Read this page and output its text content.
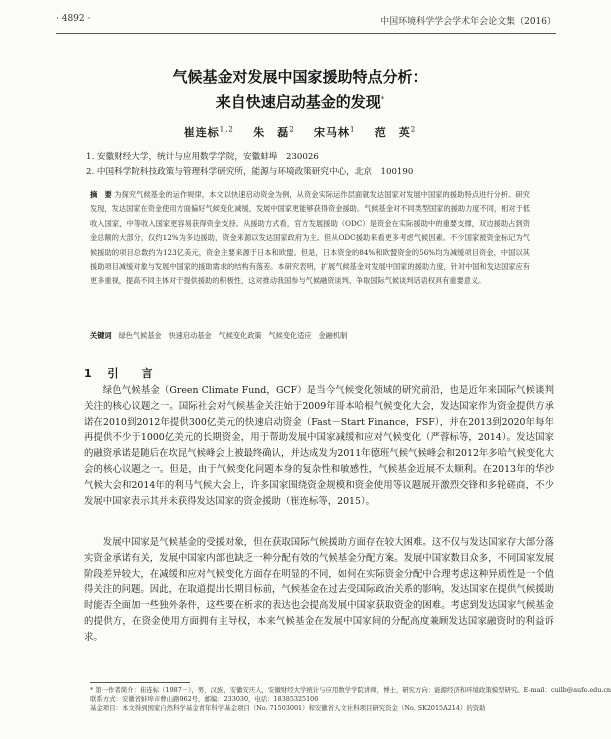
· 4892 ·	中国环境科学学会学术年会论文集（2016）
气候基金对发展中国家援助特点分析：
来自快速启动基金的发现*
崔连标$^{1,2}$ 朱　磊$^2$ 宋马林$^1$ 范　英$^2$
1. 安徽财经大学，统计与应用数学学院，安徽蚌埠　230026
2. 中国科学院科技政策与管理科学研究所，能源与环境政策研究中心，北京　100190
摘　要 为探究气候基金的运作规律，本文以快速启动资金为例，从资金实际运作层面就发达国家对发展中国家的援助特点进行分析。研究发现，发达国家在资金使用方面偏好气候变化减缓，发展中国家更能够获得资金援助。气候基金对不同类型国家的援助力度不同，相对于低收入国家，中等收入国家更容易获得资金支持。从援助方式看，官方发展援助（ODC）是资金在实际援助中的重要支撑，双边援助占到资金总额的大部分，仅约12%为多边援助，资金来源以发达国家政府为主。但从ODC援助来看更多考虑气候因素。不少国家被资金标记为气候援助的项目总数约为123亿美元，资金主要来源于日本和欧盟。但是，日本资金的84%和欧盟资金的56%均为减缓项目资金，中国以其援助项目减缓对象与发展中国家的援助需求的结构有落差。本研究表明，扩展气候基金对发展中国家的援助力度，针对中国和发达国家应有更多重视，提高不同主体对于提供援助的积极性，这对推动我国参与气候融资谈判、争取国际气候谈判话语权具有重要意义。
关键词 绿色气候基金 快速启动基金 气候变化政策 气候变化适应 金融机制
1 引　言
绿色气候基金（Green Climate Fund，GCF）是当今气候变化领域的研究前沿，也是近年来国际气候谈判关注的核心议题之一。国际社会对气候基金关注始于2009年哥本哈根气候变化大会，发达国家作为资金提供方承诺在2010到2012年提供300亿美元的快速启动资金（Fast－Start Finance，FSF），并在2013到2020年每年再提供不少于1000亿美元的长期资金，用于帮助发展中国家减缓和应对气候变化（严蓉标等，2014）。发达国家的融资承诺是随后在坎昆气候峰会上被最终确认，并达成发为2011年德班气候气候峰会和2012年多哈气候变化大会的核心议题之一。但是，由于气候变化问题本身的复杂性和敏感性，气候基金近展不太顺利。在2013年的华沙气候大会和2014年的利马气候大会上，许多国家围绕资金规模和资金使用等议题展开激烈交锋和多轮磋商，不少发展中国家表示其并未获得发达国家的资金援助（崔连标等，2015）。
发展中国家是气候基金的受援对象，但在获取国际气候援助方面存在较大困难。这不仅与发达国家存大部分落实资金承诺有关，发展中国家内部也缺乏一种分配有效的气候基金分配方案。发展中国家数目众多，不同国家发展阶段差异较大，在减缓和应对气候变化方面存在明显的不同，如何在实际资金分配中合理考虑这种异质性是一个值得关注的问题。因此，在取道提出长期目标前，气候基金在过去受国际政治关系的影响，发达国家在提供气候援助时能否全面加一些独外条件，这些要在析求的表达也会提高发展中国家获取资金的困难。考虑到发达国家气候基金的提供方，在资金使用方面拥有主导权，本来气候基金在发展中国家间的分配高度兼顾发达国家融资时的利益诉求。
* 第一作者简介：崔连标（1987－），男，汉族，安徽安庆人，安徽财经大学统计与应用数学学院讲师，博士，研究方向：能源经济和环境政策模型研究。E-mail：cuilb@aufe.edu.cn
联系方式：安徽省蚌埠市曹山路962号，邮编：233030，电话：18385325106
基金项目：本文得到国家自然科学基金青年科学基金项目（No. 71503001）和安徽省人文社科项目研究资金（No. SK2015A214）的资助
